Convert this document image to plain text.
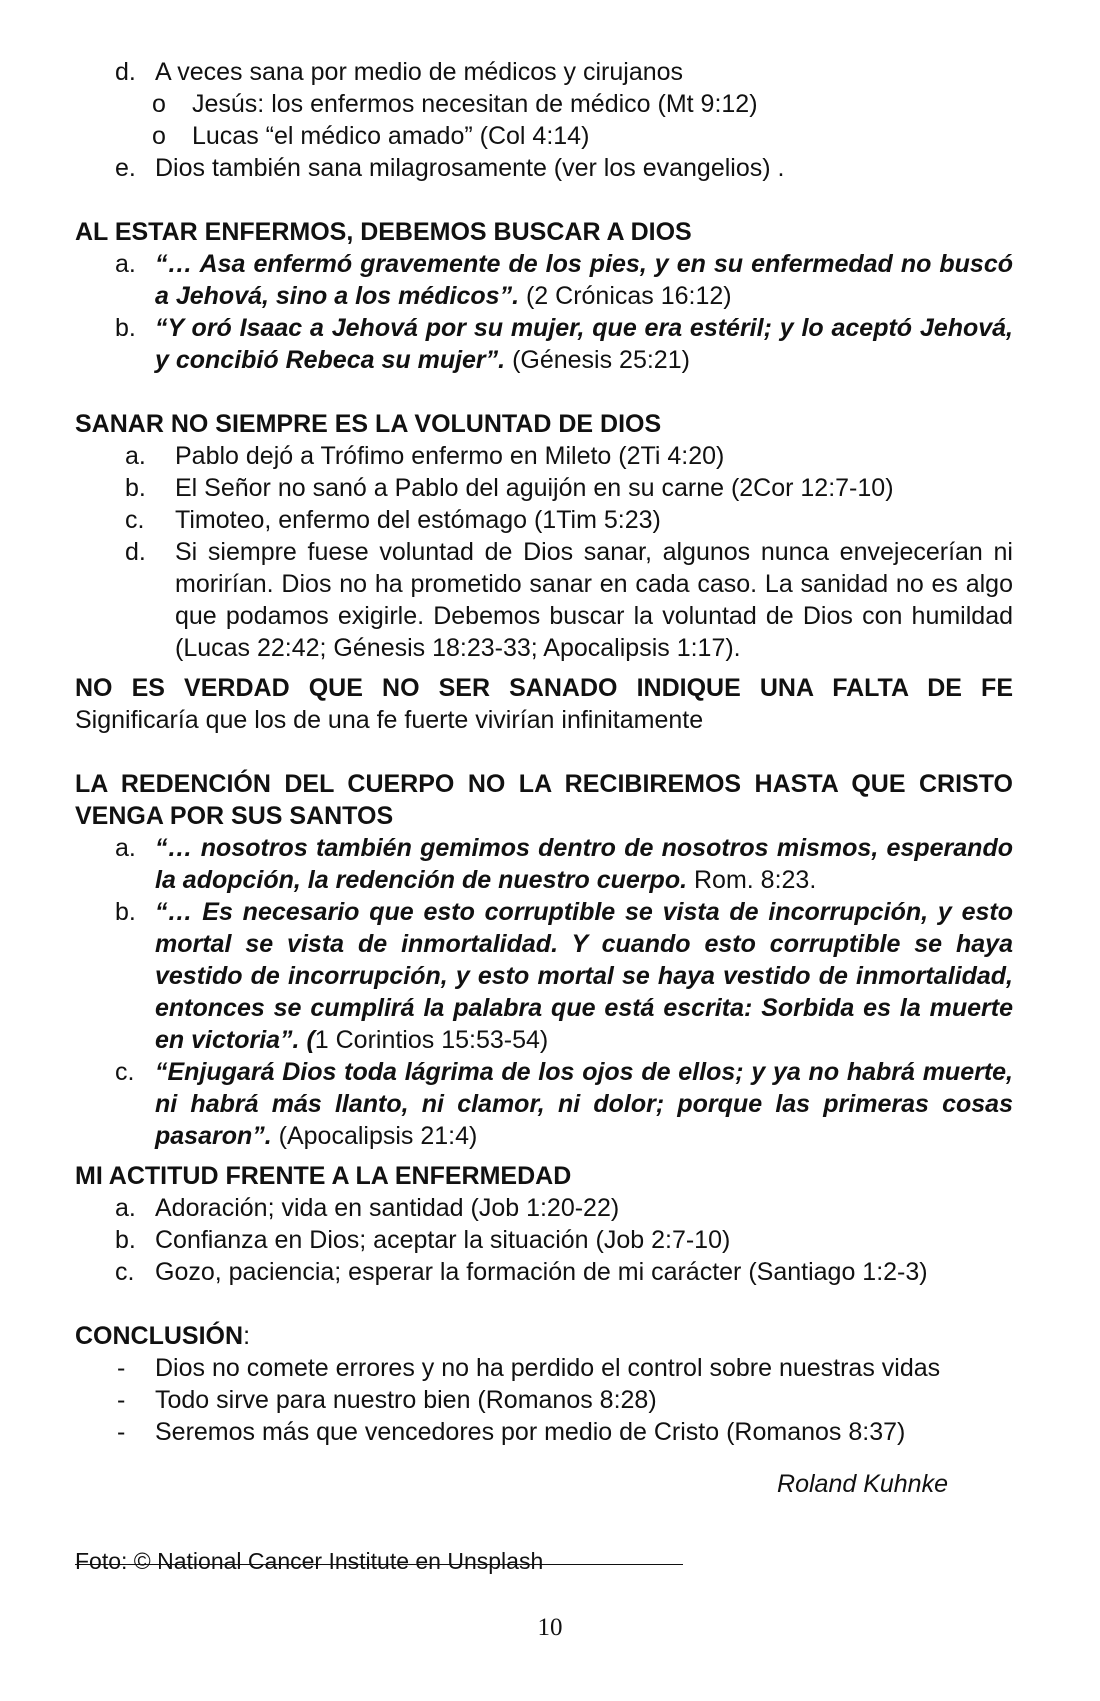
d. A veces sana por medio de médicos y cirujanos
o Jesús: los enfermos necesitan de médico (Mt 9:12)
o Lucas “el médico amado” (Col 4:14)
e. Dios también sana milagrosamente (ver los evangelios) .
AL ESTAR ENFERMOS, DEBEMOS BUSCAR A DIOS
a. “… Asa enfermó gravemente de los pies, y en su enfermedad no buscó a Jehová, sino a los médicos”. (2 Crónicas 16:12)
b. “Y oró Isaac a Jehová por su mujer, que era estéril; y lo aceptó Jehová, y concibió Rebeca su mujer”. (Génesis 25:21)
SANAR NO SIEMPRE ES LA VOLUNTAD DE DIOS
a. Pablo dejó a Trófimo enfermo en Mileto (2Ti 4:20)
b. El Señor no sanó a Pablo del aguijón en su carne (2Cor 12:7-10)
c. Timoteo, enfermo del estómago (1Tim 5:23)
d. Si siempre fuese voluntad de Dios sanar, algunos nunca envejecerían ni morirían. Dios no ha prometido sanar en cada caso. La sanidad no es algo que podamos exigirle. Debemos buscar la voluntad de Dios con humildad (Lucas 22:42; Génesis 18:23-33; Apocalipsis 1:17).
NO ES VERDAD QUE NO SER SANADO INDIQUE UNA FALTA DE FE
Significaría que los de una fe fuerte vivirían infinitamente
LA REDENCIÓN DEL CUERPO NO LA RECIBIREMOS HASTA QUE CRISTO VENGA POR SUS SANTOS
a. “… nosotros también gemimos dentro de nosotros mismos, esperando la adopción, la redención de nuestro cuerpo. Rom. 8:23.
b. “… Es necesario que esto corruptible se vista de incorrupción, y esto mortal se vista de inmortalidad. Y cuando esto corruptible se haya vestido de incorrupción, y esto mortal se haya vestido de inmortalidad, entonces se cumplirá la palabra que está escrita: Sorbida es la muerte en victoria”. (1 Corintios 15:53-54)
c. “Enjugará Dios toda lágrima de los ojos de ellos; y ya no habrá muerte, ni habrá más llanto, ni clamor, ni dolor; porque las primeras cosas pasaron”. (Apocalipsis 21:4)
MI ACTITUD FRENTE A LA ENFERMEDAD
a. Adoración; vida en santidad (Job 1:20-22)
b. Confianza en Dios; aceptar la situación (Job 2:7-10)
c. Gozo, paciencia; esperar la formación de mi carácter (Santiago 1:2-3)
CONCLUSIÓN:
- Dios no comete errores y no ha perdido el control sobre nuestras vidas
- Todo sirve para nuestro bien (Romanos 8:28)
- Seremos más que vencedores por medio de Cristo (Romanos 8:37)
Roland Kuhnke
Foto: © National Cancer Institute en Unsplash
10
